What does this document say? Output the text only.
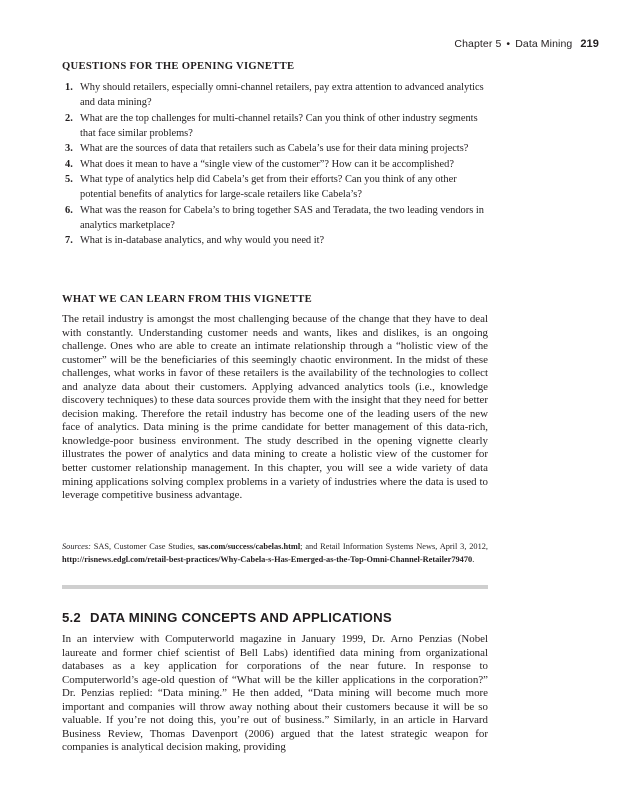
Chapter 5 • Data Mining 219
QUESTIONS FOR THE OPENING VIGNETTE
1. Why should retailers, especially omni-channel retailers, pay extra attention to advanced analytics and data mining?
2. What are the top challenges for multi-channel retails? Can you think of other industry segments that face similar problems?
3. What are the sources of data that retailers such as Cabela’s use for their data mining projects?
4. What does it mean to have a “single view of the customer”? How can it be accomplished?
5. What type of analytics help did Cabela’s get from their efforts? Can you think of any other potential benefits of analytics for large-scale retailers like Cabela’s?
6. What was the reason for Cabela’s to bring together SAS and Teradata, the two leading vendors in analytics marketplace?
7. What is in-database analytics, and why would you need it?
WHAT WE CAN LEARN FROM THIS VIGNETTE

The retail industry is amongst the most challenging because of the change that they have to deal with constantly. Understanding customer needs and wants, likes and dislikes, is an ongoing challenge. Ones who are able to create an intimate relationship through a “holistic view of the customer” will be the beneficiaries of this seemingly chaotic environment. In the midst of these challenges, what works in favor of these retailers is the availability of the technologies to collect and analyze data about their customers. Applying advanced analytics tools (i.e., knowledge discovery techniques) to these data sources provide them with the insight that they need for better decision making. Therefore the retail industry has become one of the leading users of the new face of analytics. Data mining is the prime candidate for better management of this data-rich, knowledge-poor business environment. The study described in the opening vignette clearly illustrates the power of analytics and data mining to create a holistic view of the customer for better customer relationship management. In this chapter, you will see a wide variety of data mining applications solving complex problems in a variety of industries where the data is used to leverage competitive business advantage.

Sources: SAS, Customer Case Studies, sas.com/success/cabelas.html; and Retail Information Systems News, April 3, 2012, http://risnews.edgl.com/retail-best-practices/Why-Cabela-s-Has-Emerged-as-the-Top-Omni-Channel-Retailer79470.

5.2 DATA MINING CONCEPTS AND APPLICATIONS

In an interview with Computerworld magazine in January 1999, Dr. Arno Penzias (Nobel laureate and former chief scientist of Bell Labs) identified data mining from organizational databases as a key application for corporations of the near future. In response to Computerworld’s age-old question of “What will be the killer applications in the corporation?” Dr. Penzias replied: “Data mining.” He then added, “Data mining will become much more important and companies will throw away nothing about their customers because it will be so valuable. If you’re not doing this, you’re out of business.” Similarly, in an article in Harvard Business Review, Thomas Davenport (2006) argued that the latest strategic weapon for companies is analytical decision making, providing
